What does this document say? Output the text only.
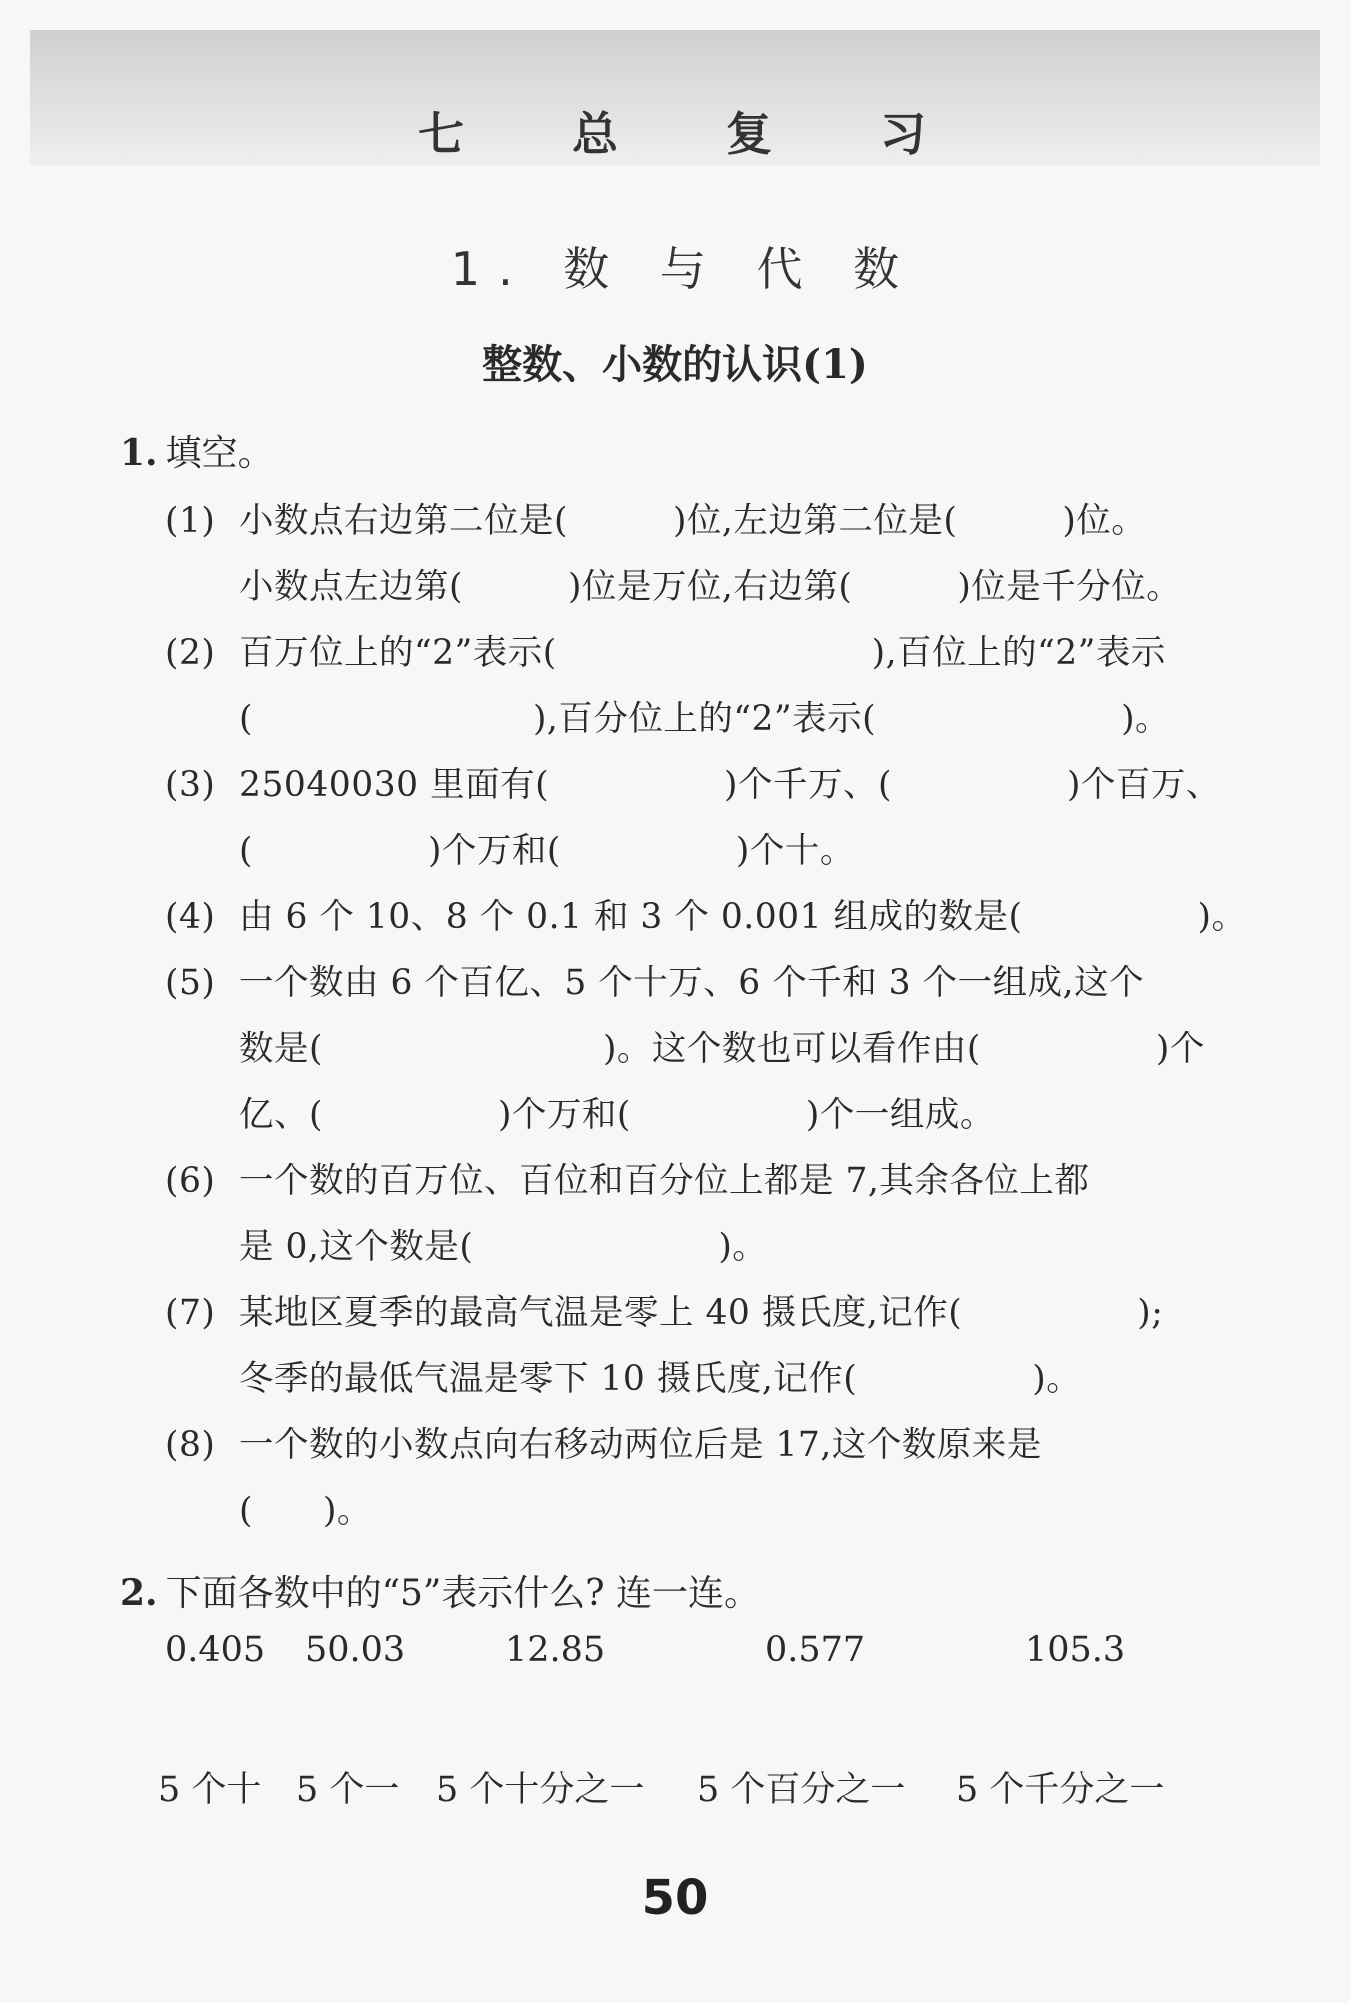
七 总 复 习
1. 数 与 代 数
整数、小数的认识(1)
1. 填空。
(1) 小数点右边第二位是(　　　)位,左边第二位是(　　　)位。
小数点左边第(　　　)位是万位,右边第(　　　)位是千分位。
(2) 百万位上的“2”表示(　　　　　　　　　),百位上的“2”表示
(　　　　　　　　),百分位上的“2”表示(　　　　　　　)。
(3) 25040030 里面有(　　　　　)个千万、(　　　　　)个百万、
(　　　　　)个万和(　　　　　)个十。
(4) 由 6 个 10、8 个 0.1 和 3 个 0.001 组成的数是(　　　　　)。
(5) 一个数由 6 个百亿、5 个十万、6 个千和 3 个一组成,这个
数是(　　　　　　　　)。这个数也可以看作由(　　　　　)个
亿、(　　　　　)个万和(　　　　　)个一组成。
(6) 一个数的百万位、百位和百分位上都是 7,其余各位上都
是 0,这个数是(　　　　　　　)。
(7) 某地区夏季的最高气温是零上 40 摄氏度,记作(　　　　　);
冬季的最低气温是零下 10 摄氏度,记作(　　　　　)。
(8) 一个数的小数点向右移动两位后是 17,这个数原来是
(　　)。
2. 下面各数中的“5”表示什么? 连一连。
0.405 50.03	12.85	0.577	105.3
5 个十 5 个一 5 个十分之一 5 个百分之一 5 个千分之一
50
